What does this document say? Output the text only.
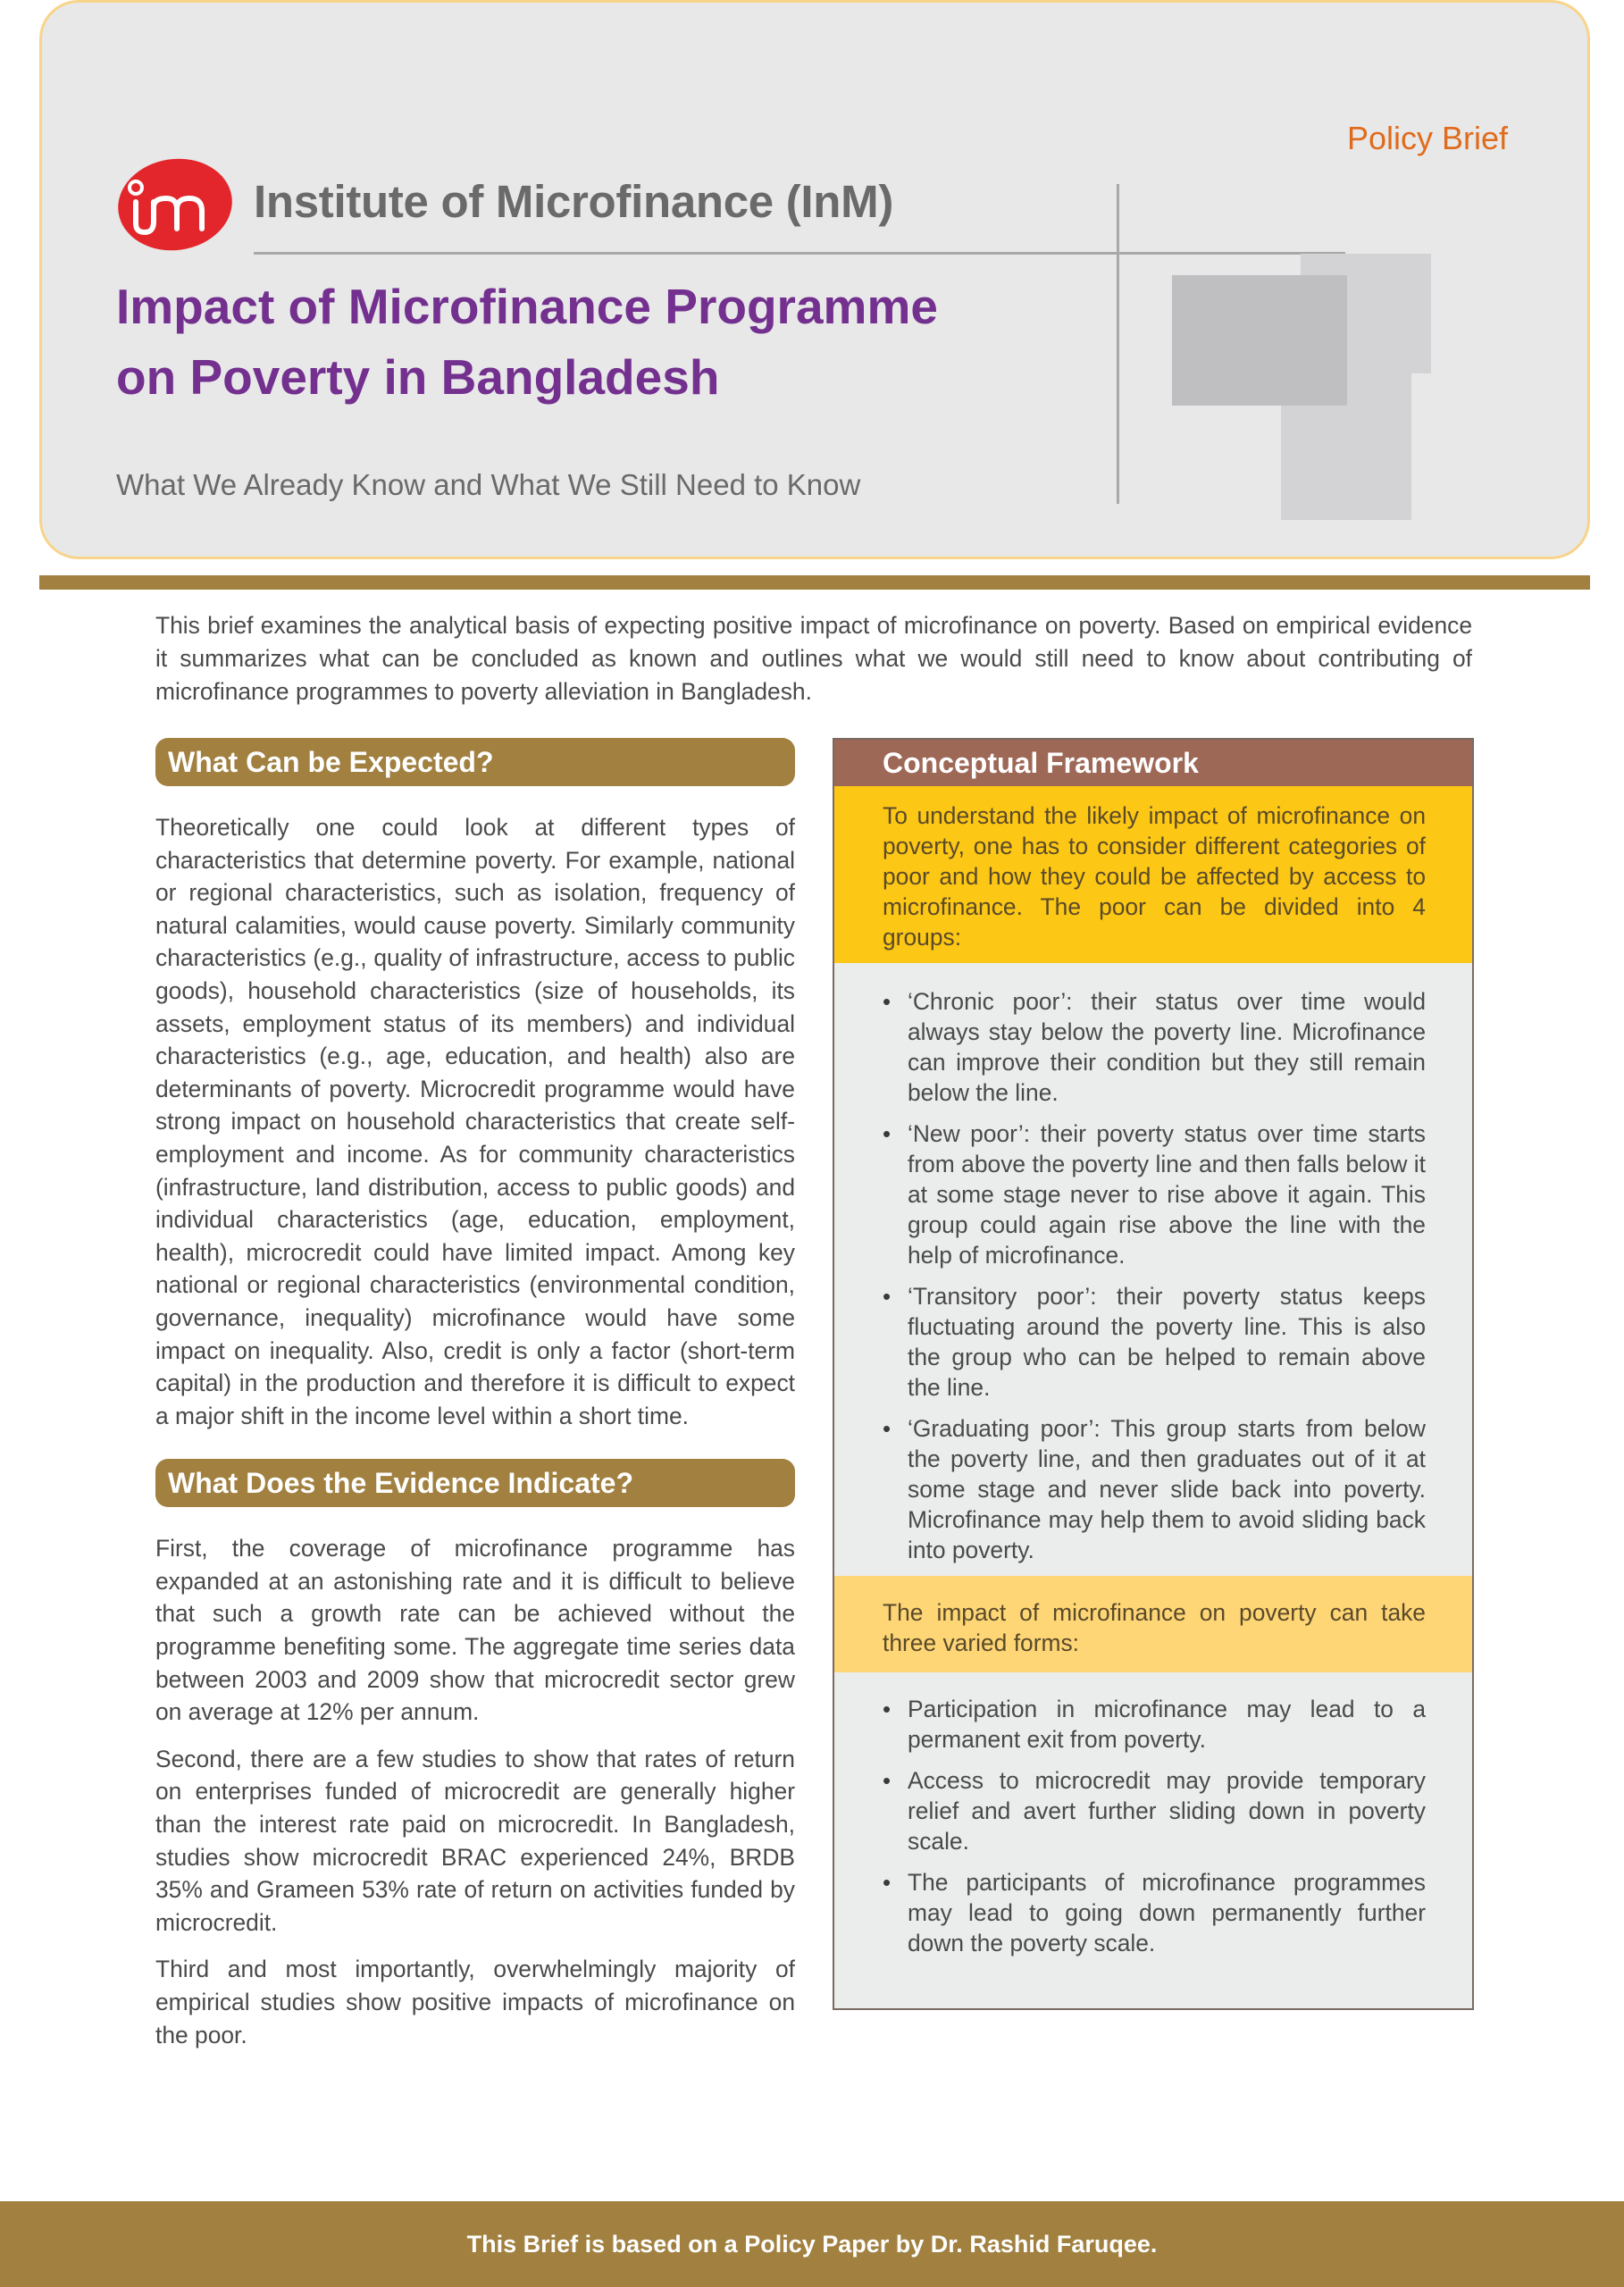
Policy Brief
Institute of Microfinance (InM)
Impact of Microfinance Programme
on Poverty in Bangladesh
What We Already Know and What We Still Need to Know

This brief examines the analytical basis of expecting positive impact of microfinance on poverty. Based on empirical evidence it summarizes what can be concluded as known and outlines what we would still need to know about contributing of microfinance programmes to poverty alleviation in Bangladesh.

What Can be Expected?

Theoretically one could look at different types of characteristics that determine poverty. For example, national or regional characteristics, such as isolation, frequency of natural calamities, would cause poverty. Similarly community characteristics (e.g., quality of infrastructure, access to public goods), household characteristics (size of households, its assets, employment status of its members) and individual characteristics (e.g., age, education, and health) also are determinants of poverty. Microcredit programme would have strong impact on household characteristics that create self-employment and income. As for community characteristics (infrastructure, land distribution, access to public goods) and individual characteristics (age, education, employment, health), microcredit could have limited impact. Among key national or regional characteristics (environmental condition, governance, inequality) microfinance would have some impact on inequality. Also, credit is only a factor (short-term capital) in the production and therefore it is difficult to expect a major shift in the income level within a short time.

What Does the Evidence Indicate?

First, the coverage of microfinance programme has expanded at an astonishing rate and it is difficult to believe that such a growth rate can be achieved without the programme benefiting some. The aggregate time series data between 2003 and 2009 show that microcredit sector grew on average at 12% per annum.

Second, there are a few studies to show that rates of return on enterprises funded of microcredit are generally higher than the interest rate paid on microcredit. In Bangladesh, studies show microcredit BRAC experienced 24%, BRDB 35% and Grameen 53% rate of return on activities funded by microcredit.

Third and most importantly, overwhelmingly majority of empirical studies show positive impacts of microfinance on the poor.

Conceptual Framework
To understand the likely impact of microfinance on poverty, one has to consider different categories of poor and how they could be affected by access to microfinance. The poor can be divided into 4 groups:
• ‘Chronic poor’: their status over time would always stay below the poverty line. Microfinance can improve their condition but they still remain below the line.
• ‘New poor’: their poverty status over time starts from above the poverty line and then falls below it at some stage never to rise above it again. This group could again rise above the line with the help of microfinance.
• ‘Transitory poor’: their poverty status keeps fluctuating around the poverty line. This is also the group who can be helped to remain above the line.
• ‘Graduating poor’: This group starts from below the poverty line, and then graduates out of it at some stage and never slide back into poverty. Microfinance may help them to avoid sliding back into poverty.
The impact of microfinance on poverty can take three varied forms:
• Participation in microfinance may lead to a permanent exit from poverty.
• Access to microcredit may provide temporary relief and avert further sliding down in poverty scale.
• The participants of microfinance programmes may lead to going down permanently further down the poverty scale.
This Brief is based on a Policy Paper by Dr. Rashid Faruqee.
